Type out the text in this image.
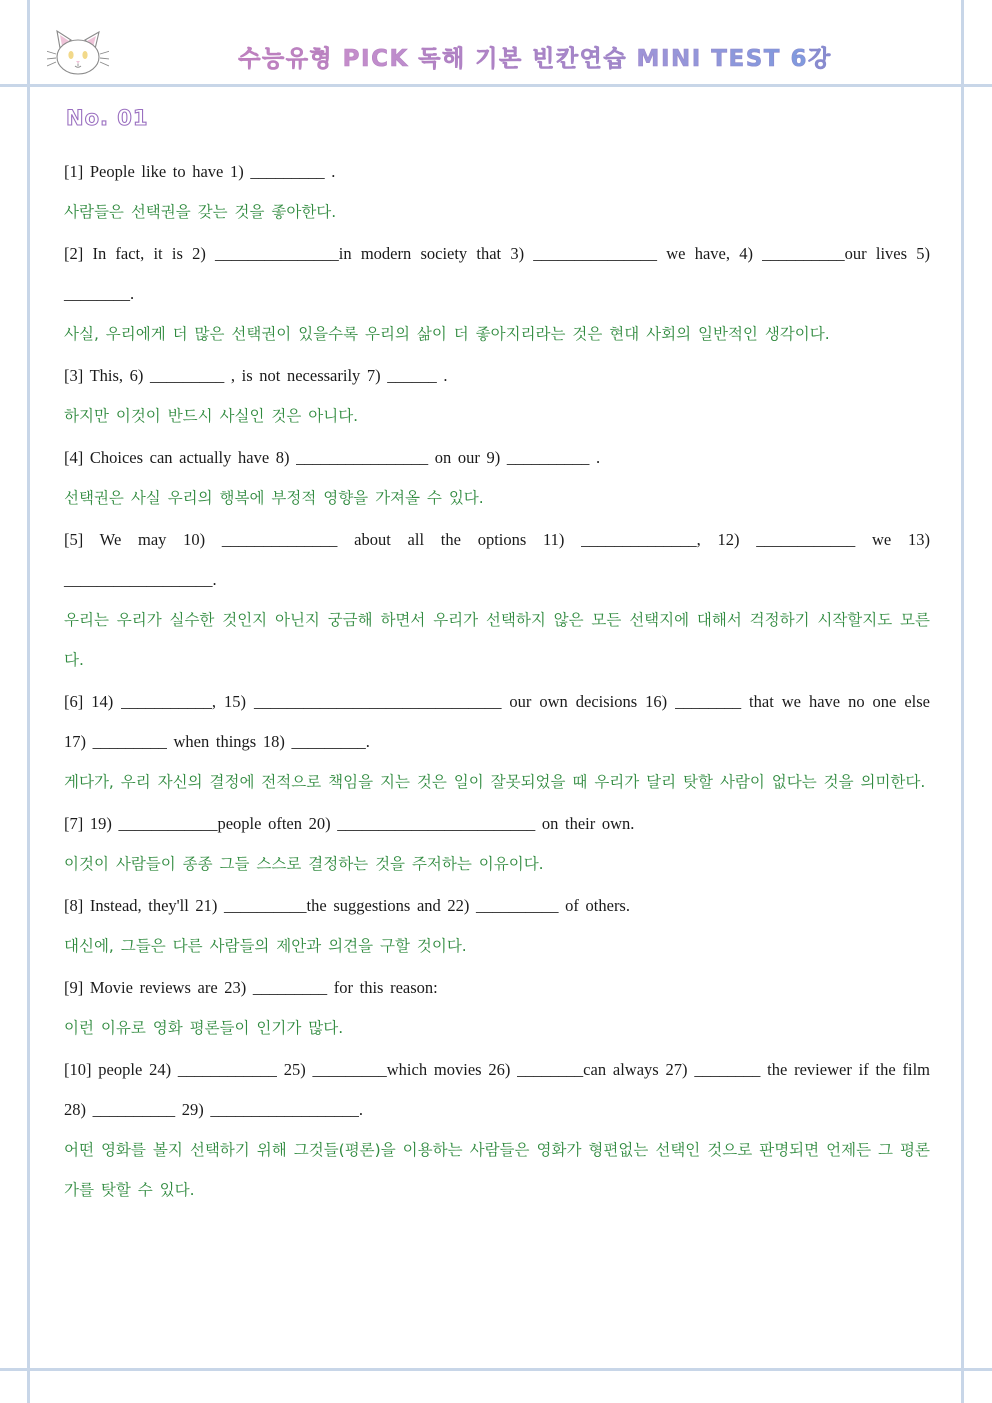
수능유형 PICK 독해 기본 빈칸연습 MINI TEST 6강
No. 01

[1] People like to have 1) _________ .

사람들은 선택권을 갖는 것을 좋아한다.

[2] In fact, it is 2) _______________in modern society that 3) _______________ we have, 4) __________our lives 5) ________.

사실, 우리에게 더 많은 선택권이 있을수록 우리의 삶이 더 좋아지리라는 것은 현대 사회의 일반적인 생각이다.

[3] This, 6) _________ , is not necessarily 7) ______ .

하지만 이것이 반드시 사실인 것은 아니다.

[4] Choices can actually have 8) ________________ on our 9) __________ .

선택권은 사실 우리의 행복에 부정적 영향을 가져올 수 있다.

[5] We may 10) ______________ about all the options 11) ______________, 12) ____________ we 13) __________________.

우리는 우리가 실수한 것인지 아닌지 궁금해 하면서 우리가 선택하지 않은 모든 선택지에 대해서 걱정하기 시작할지도 모른다.

[6] 14) ___________, 15) ______________________________ our own decisions 16) ________ that we have no one else 17) _________ when things 18) _________.

게다가, 우리 자신의 결정에 전적으로 책임을 지는 것은 일이 잘못되었을 때 우리가 달리 탓할 사람이 없다는 것을 의미한다.

[7] 19) ____________people often 20) ________________________ on their own.

이것이 사람들이 종종 그들 스스로 결정하는 것을 주저하는 이유이다.

[8] Instead, they'll 21) __________the suggestions and 22) __________ of others.

대신에, 그들은 다른 사람들의 제안과 의견을 구할 것이다.

[9] Movie reviews are 23) _________ for this reason:

이런 이유로 영화 평론들이 인기가 많다.

[10] people 24) ____________ 25) _________which movies 26) ________can always 27) ________ the reviewer if the film 28) __________ 29) __________________.

어떤 영화를 볼지 선택하기 위해 그것들(평론)을 이용하는 사람들은 영화가 형편없는 선택인 것으로 판명되면 언제든 그 평론가를 탓할 수 있다.
